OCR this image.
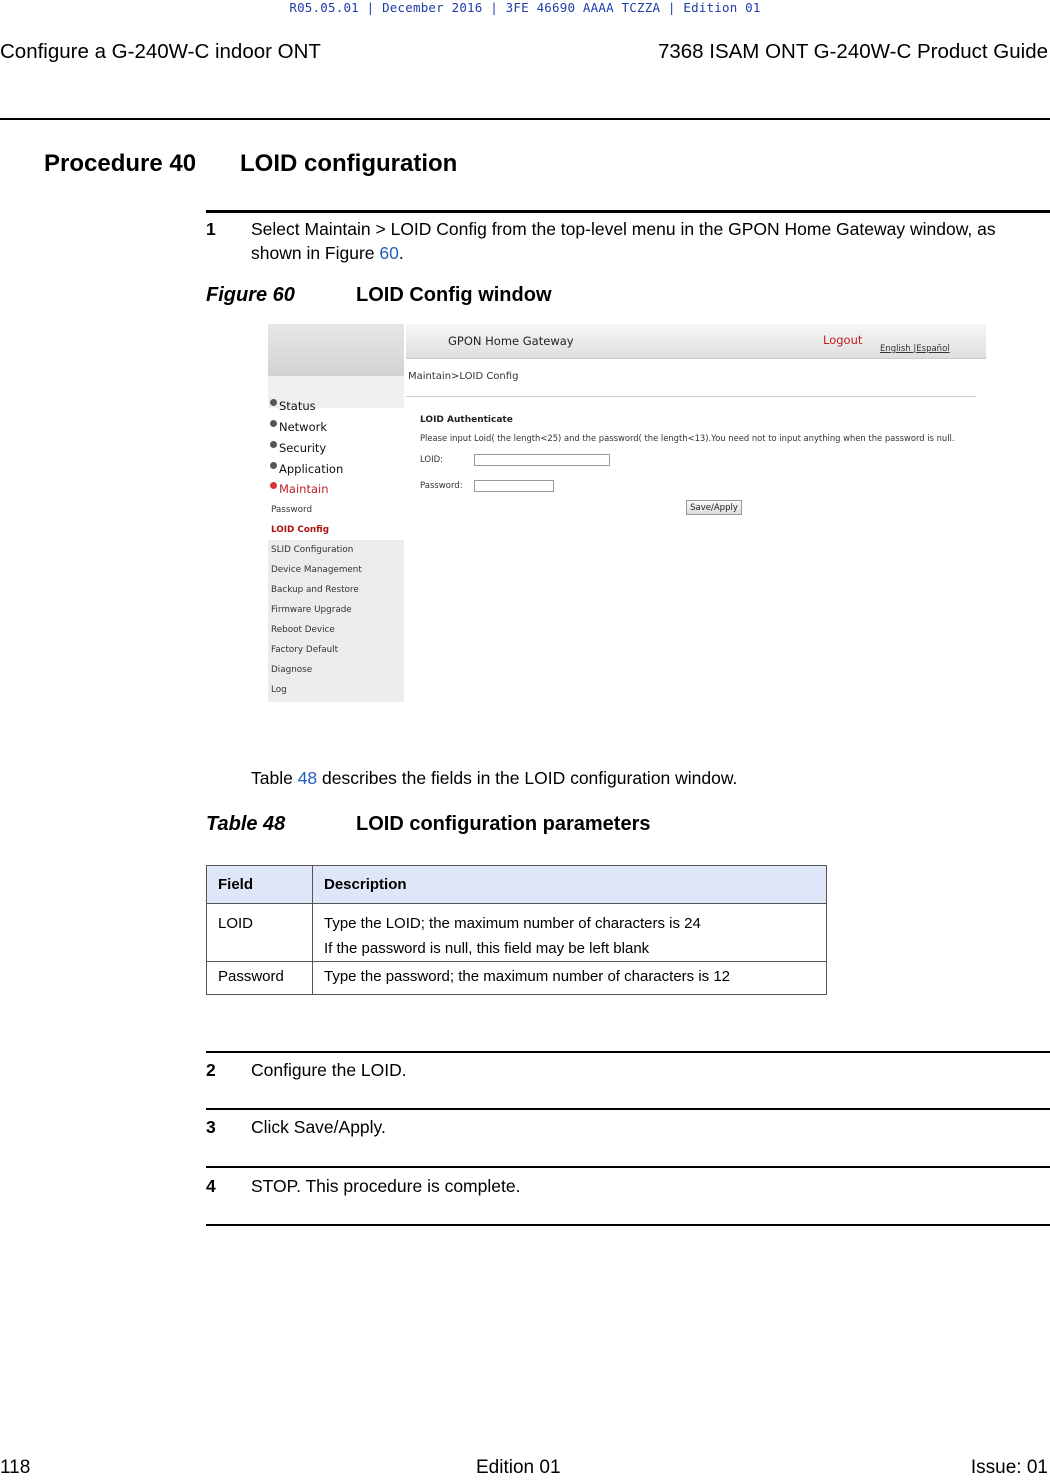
R05.05.01 | December 2016 | 3FE 46690 AAAA TCZZA | Edition 01
Configure a G-240W-C indoor ONT	7368 ISAM ONT G-240W-C Product Guide
Procedure 40 LOID configuration
1 Select Maintain > LOID Config from the top-level menu in the GPON Home Gateway window, as shown in Figure 60.
Figure 60	LOID Config window
Status
Network
Security
Application
Maintain
Password
LOID Config
SLID Configuration
Device Management
Backup and Restore
Firmware Upgrade
Reboot Device
Factory Default
Diagnose
Log
GPON Home Gateway	Logout
English |Español
Maintain>LOID Config
LOID Authenticate
Please input Loid( the length<25) and the password( the length<13).You need not to input anything when the password is null.
LOID:
Password:
Save/Apply
Table 48 describes the fields in the LOID configuration window.
Table 48	LOID configuration parameters
Field	Description
LOID	Type the LOID; the maximum number of characters is 24
If the password is null, this field may be left blank

Password	Type the password; the maximum number of characters is 12
2 Configure the LOID.
3 Click Save/Apply.
4 STOP. This procedure is complete.
118	Edition 01	Issue: 01
